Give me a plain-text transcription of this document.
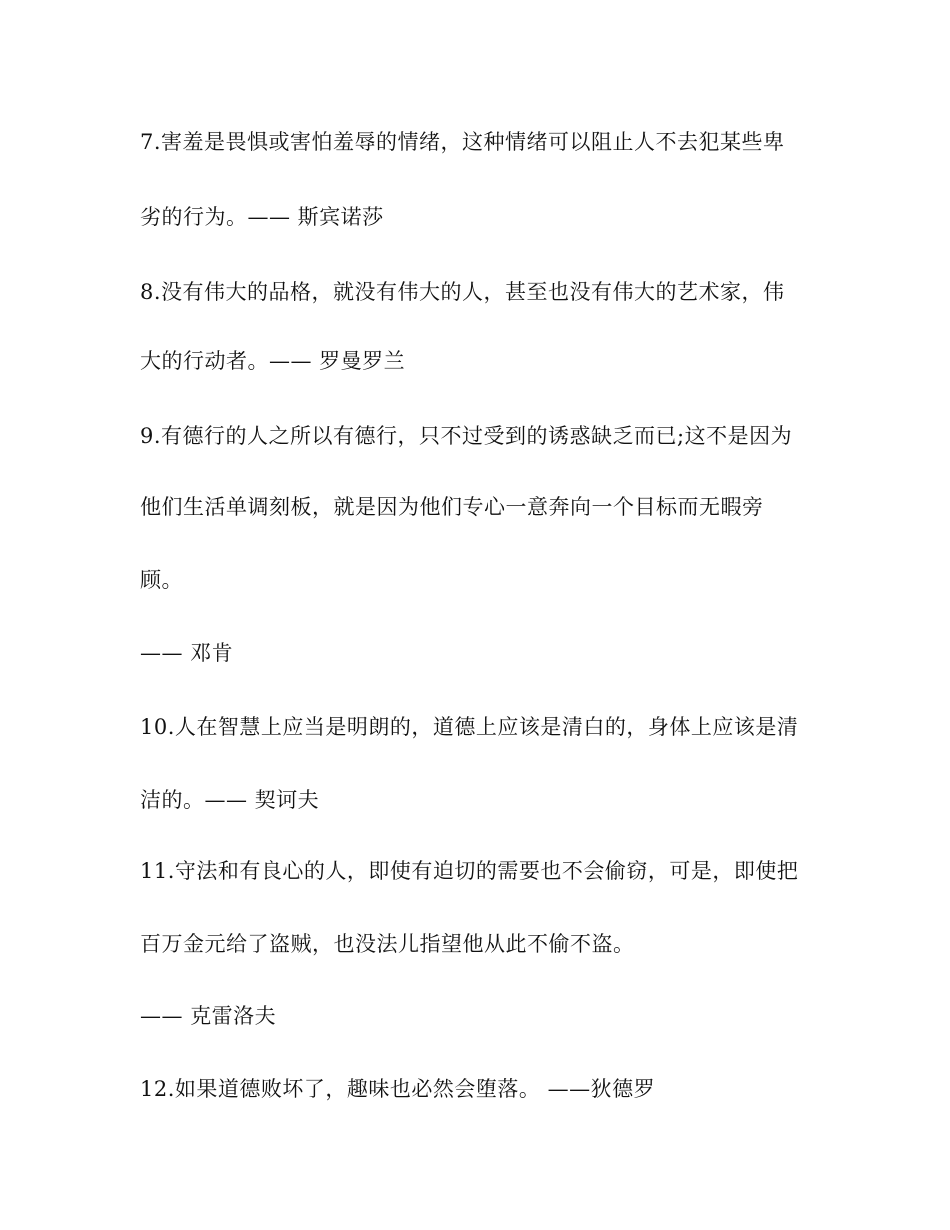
7.害羞是畏惧或害怕羞辱的情绪，这种情绪可以阻止人不去犯某些卑
劣的行为。—— 斯宾诺莎
8.没有伟大的品格，就没有伟大的人，甚至也没有伟大的艺术家，伟
大的行动者。—— 罗曼罗兰
9.有德行的人之所以有德行，只不过受到的诱惑缺乏而已;这不是因为
他们生活单调刻板，就是因为他们专心一意奔向一个目标而无暇旁
顾。
—— 邓肯
10.人在智慧上应当是明朗的，道德上应该是清白的，身体上应该是清
洁的。—— 契诃夫
11.守法和有良心的人，即使有迫切的需要也不会偷窃，可是，即使把
百万金元给了盗贼，也没法儿指望他从此不偷不盗。
—— 克雷洛夫
12.如果道德败坏了，趣味也必然会堕落。 ——狄德罗
